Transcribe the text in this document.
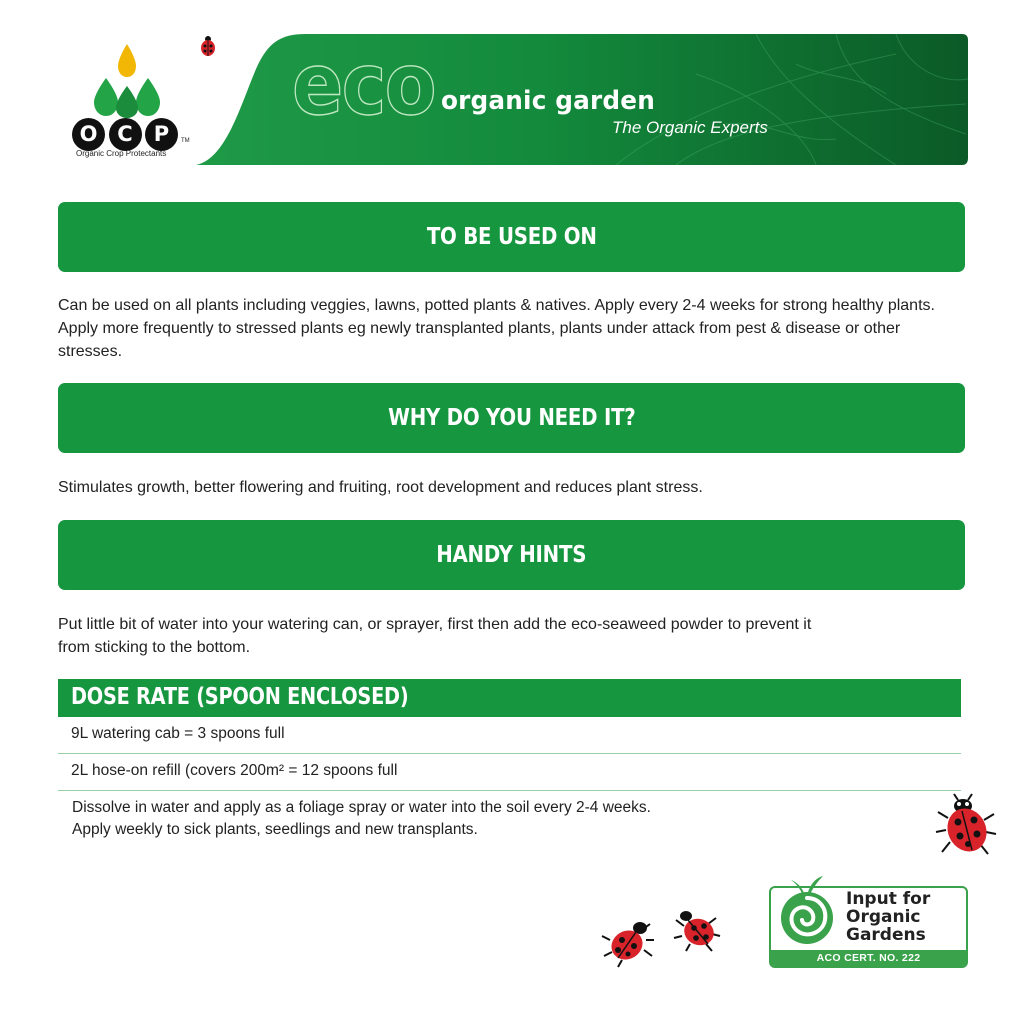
O C	P	TM
Organic Crop Protectants
eco organic garden
The Organic Experts
TO BE USED ON

Can be used on all plants including veggies, lawns, potted plants & natives. Apply every 2-4 weeks for strong healthy plants. Apply more frequently to stressed plants eg newly transplanted plants, plants under attack from pest & disease or other stresses.

WHY DO YOU NEED IT?

Stimulates growth, better flowering and fruiting, root development and reduces plant stress.

HANDY HINTS
Put little bit of water into your watering can, or sprayer, first then add the eco-seaweed powder to prevent it
from sticking to the bottom.
DOSE RATE (SPOON ENCLOSED)
9L watering cab = 3 spoons full
2L hose-on refill (covers 200m² = 12 spoons full
Dissolve in water and apply as a foliage spray or water into the soil every 2-4 weeks.
Apply weekly to sick plants, seedlings and new transplants.
Input for
Organic
Gardens
ACO CERT. NO. 222
